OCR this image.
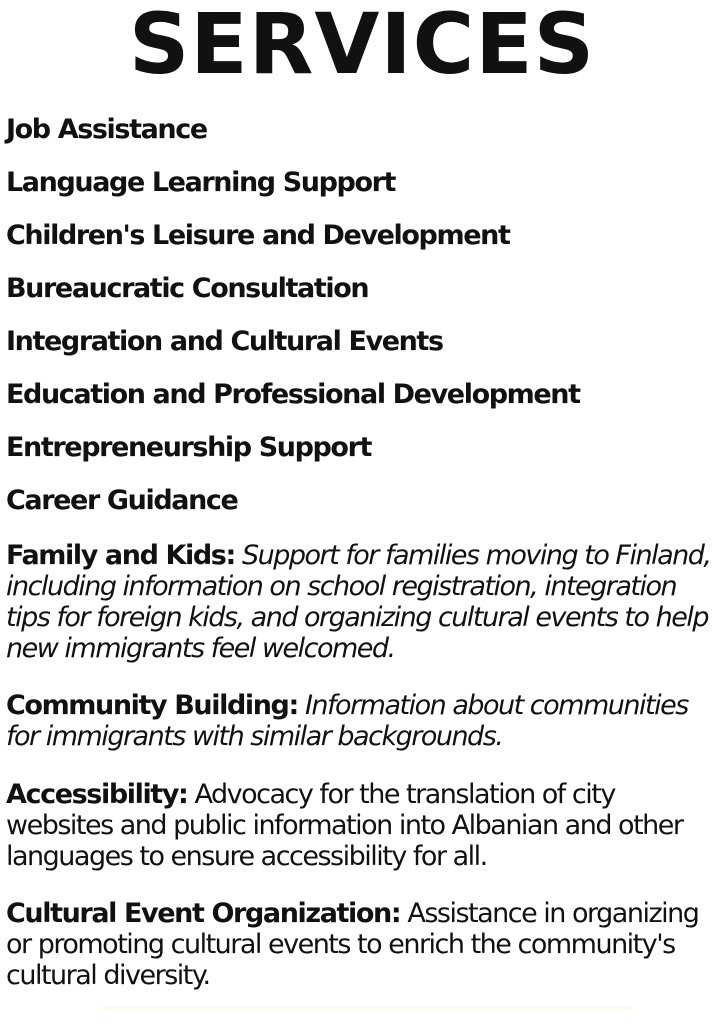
SERVICES
Job Assistance
Language Learning Support
Children's Leisure and Development
Bureaucratic Consultation
Integration and Cultural Events
Education and Professional Development
Entrepreneurship Support
Career Guidance

Family and Kids: Support for families moving to Finland, including information on school registration, integration tips for foreign kids, and organizing cultural events to help new immigrants feel welcomed.

Community Building: Information about communities for immigrants with similar backgrounds.

Accessibility: Advocacy for the translation of city websites and public information into Albanian and other languages to ensure accessibility for all.

Cultural Event Organization: Assistance in organizing or promoting cultural events to enrich the community's cultural diversity.
